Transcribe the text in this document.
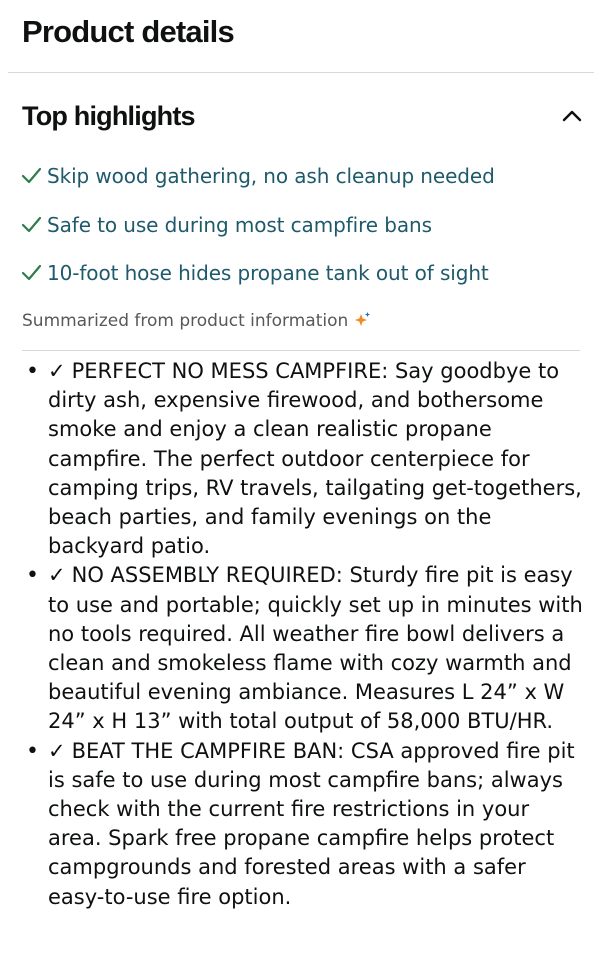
Product details
Top highlights
Skip wood gathering, no ash cleanup needed
Safe to use during most campfire bans
10-foot hose hides propane tank out of sight
Summarized from product information
• ✓ PERFECT NO MESS CAMPFIRE: Say goodbye to dirty ash, expensive firewood, and bothersome smoke and enjoy a clean realistic propane campfire. The perfect outdoor centerpiece for camping trips, RV travels, tailgating get-togethers, beach parties, and family evenings on the backyard patio.
• ✓ NO ASSEMBLY REQUIRED: Sturdy fire pit is easy to use and portable; quickly set up in minutes with no tools required. All weather fire bowl delivers a clean and smokeless flame with cozy warmth and beautiful evening ambiance. Measures L 24” x W 24” x H 13” with total output of 58,000 BTU/HR.
• ✓ BEAT THE CAMPFIRE BAN: CSA approved fire pit is safe to use during most campfire bans; always check with the current fire restrictions in your area. Spark free propane campfire helps protect campgrounds and forested areas with a safer easy-to-use fire option.
